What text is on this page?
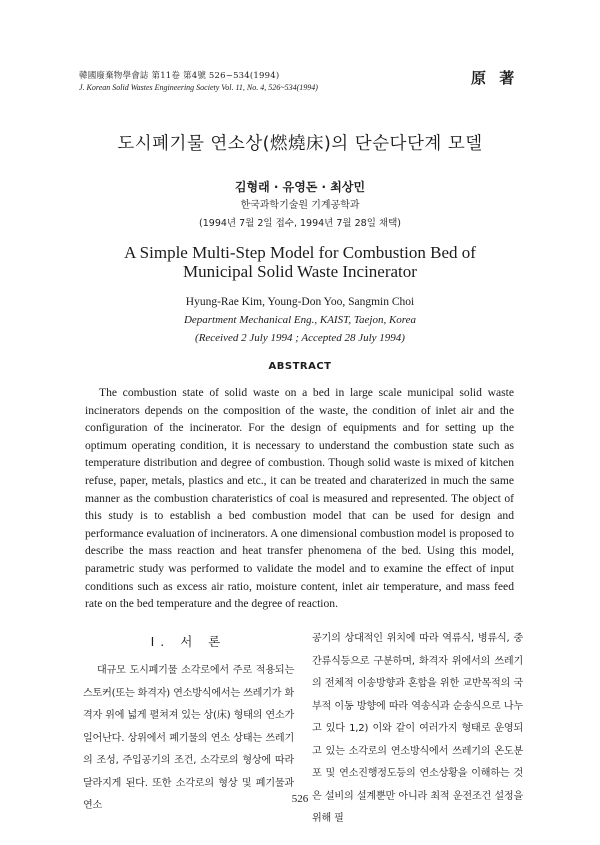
韓國廢棄物學會誌 第11卷 第4號 526~534(1994)
J. Korean Solid Wastes Engineering Society Vol. 11, No. 4, 526~534(1994)
原 著
도시폐기물 연소상(燃燒床)의 단순다단계 모델
김형래 · 유영돈 · 최상민
한국과학기술원 기계공학과
(1994년 7월 2일 접수, 1994년 7월 28일 채택)
A Simple Multi-Step Model for Combustion Bed of
Municipal Solid Waste Incinerator
Hyung-Rae Kim, Young-Don Yoo, Sangmin Choi
Department Mechanical Eng., KAIST, Taejon, Korea
(Received 2 July 1994 ; Accepted 28 July 1994)
ABSTRACT
The combustion state of solid waste on a bed in large scale municipal solid waste incinerators depends on the composition of the waste, the condition of inlet air and the configuration of the incinerator. For the design of equipments and for setting up the optimum operating condition, it is necessary to understand the combustion state such as temperature distribution and degree of combustion. Though solid waste is mixed of kitchen refuse, paper, metals, plastics and etc., it can be treated and charaterized in much the same manner as the combustion charateristics of coal is measured and represented. The object of this study is to establish a bed combustion model that can be used for design and performance evaluation of incinerators. A one dimensional combustion model is proposed to describe the mass reaction and heat transfer phenomena of the bed. Using this model, parametric study was performed to validate the model and to examine the effect of input conditions such as excess air ratio, moisture content, inlet air temperature, and mass feed rate on the bed temperature and the degree of reaction.
Ⅰ. 서 론
대규모 도시폐기물 소각로에서 주로 적용되는 스토커(또는 화격자) 연소방식에서는 쓰레기가 화격자 위에 넓게 펼쳐져 있는 상(床) 형태의 연소가 일어난다. 상위에서 폐기물의 연소 상태는 쓰레기의 조성, 주입공기의 조건, 소각로의 형상에 따라 달라지게 된다. 또한 소각로의 형상 및 폐기물과 연소
공기의 상대적인 위치에 따라 역류식, 병류식, 중간류식등으로 구분하며, 화격자 위에서의 쓰레기의 전체적 이송방향과 혼합을 위한 교반목적의 국부적 이동 방향에 따라 역송식과 순송식으로 나누고 있다 1,2) 이와 같이 여러가지 형태로 운영되고 있는 소각로의 연소방식에서 쓰레기의 온도분포 및 연소진행정도등의 연소상황을 이해하는 것은 설비의 설계뿐만 아니라 최적 운전조건 설정을 위해 필
526
